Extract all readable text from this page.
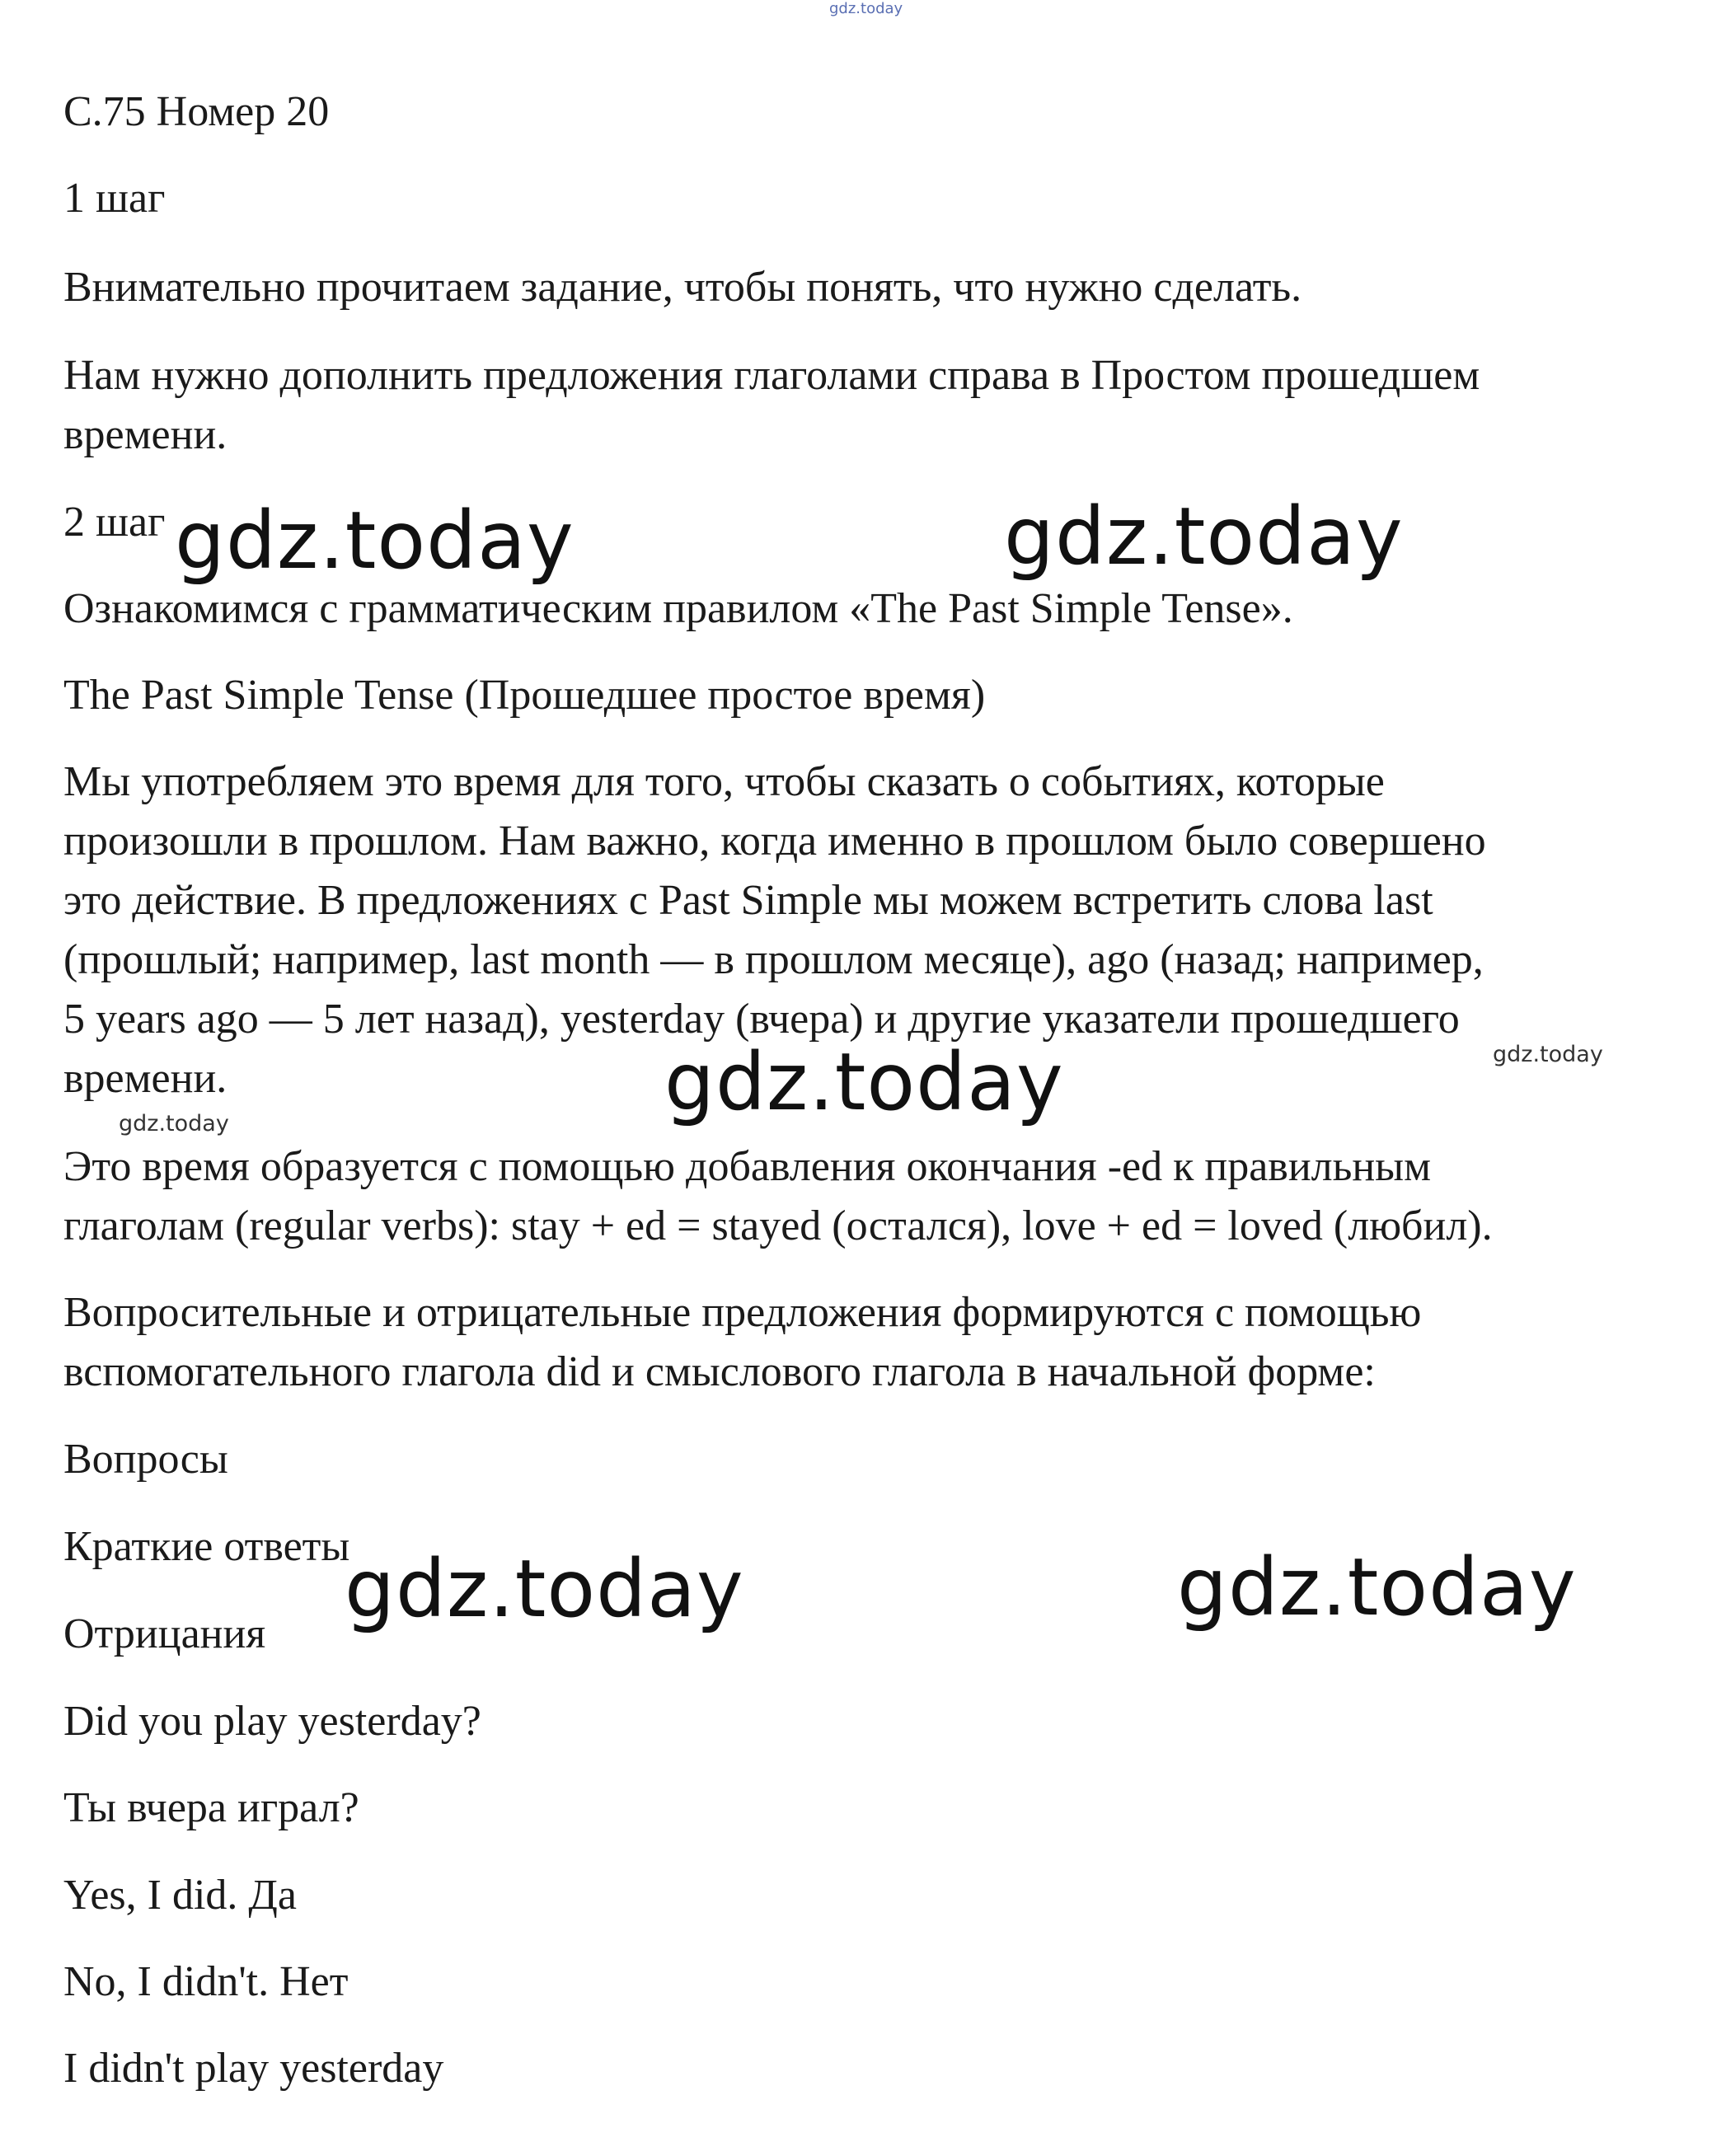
gdz.today

С.75 Номер 20

1 шаг

Внимательно прочитаем задание, чтобы понять, что нужно сделать.

Нам нужно дополнить предложения глаголами справа в Простом прошедшем

времени.

2 шаг

Ознакомимся с грамматическим правилом «The Past Simple Tense».

The Past Simple Tense (Прошедшее простое время)

Мы употребляем это время для того, чтобы сказать о событиях, которые

произошли в прошлом. Нам важно, когда именно в прошлом было совершено

это действие. В предложениях с Past Simple мы можем встретить слова last

(прошлый; например, last month — в прошлом месяце), ago (назад; например,

5 years ago — 5 лет назад), yesterday (вчера) и другие указатели прошедшего

времени.

Это время образуется с помощью добавления окончания -ed к правильным

глаголам (regular verbs): stay + ed = stayed (остался), love + ed = loved (любил).

Вопросительные и отрицательные предложения формируются с помощью

вспомогательного глагола did и смыслового глагола в начальной форме:

Вопросы

Краткие ответы

Отрицания

Did you play yesterday?

Ты вчера играл?

Yes, I did. Да

No, I didn't. Нет

I didn't play yesterday

gdz.today	gdz.today
gdz.today
gdz.today	gdz.today
gdz.today
gdz.today
